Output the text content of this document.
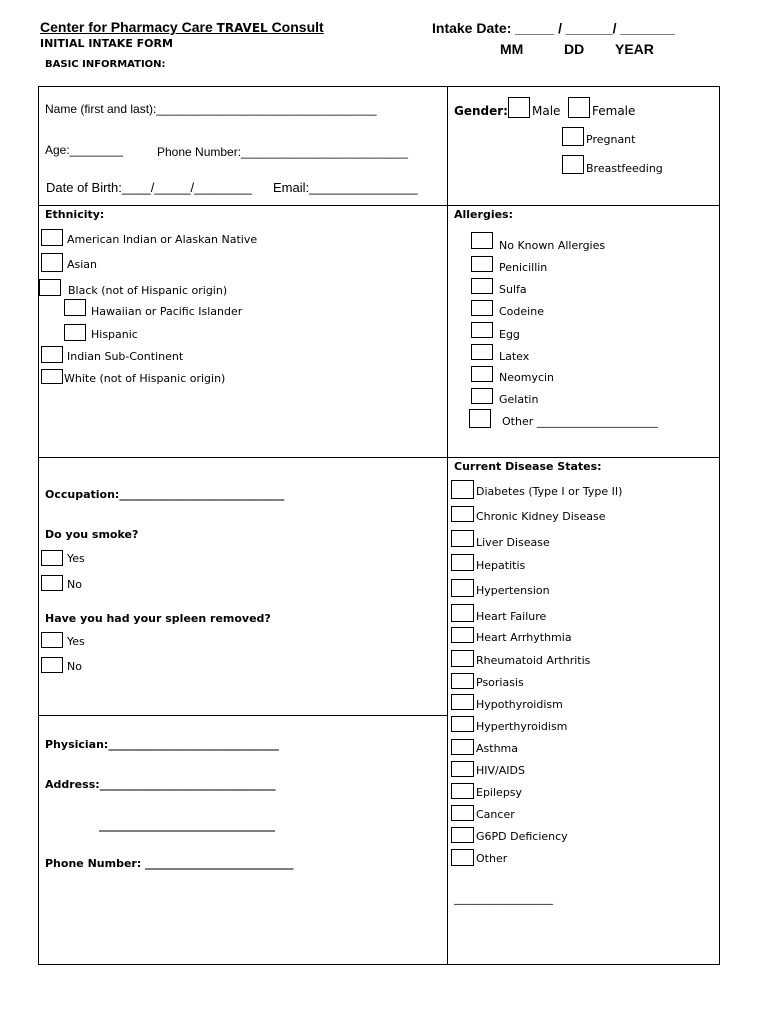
Center for Pharmacy Care TRAVEL Consult
INITIAL INTAKE FORM
BASIC INFORMATION:
Intake Date: _____ / ______/ _______
MM	DD YEAR
Name (first and last):_________________________________
Age:________	Phone Number:_________________________
Date of Birth:____/_____/________ Email:_______________
Gender: Male	Female
Pregnant
Breastfeeding
Ethnicity:
American Indian or Alaskan Native
Asian
Black (not of Hispanic origin)
Hawaiian or Pacific Islander
Hispanic
Indian Sub-Continent
White (not of Hispanic origin)
Allergies:
No Known Allergies
Penicillin
Sulfa
Codeine
Egg
Latex
Neomycin
Gelatin
Other ______________________
Occupation:______________________________
Do you smoke?
Yes
No
Have you had your spleen removed?
Yes
No
Physician:_______________________________
Address:________________________________
________________________________
Phone Number: ___________________________
Current Disease States:
Diabetes (Type I or Type II)
Chronic Kidney Disease
Liver Disease
Hepatitis
Hypertension
Heart Failure
Heart Arrhythmia
Rheumatoid Arthritis
Psoriasis
Hypothyroidism
Hyperthyroidism
Asthma
HIV/AIDS
Epilepsy
Cancer
G6PD Deficiency
Other
__________________
